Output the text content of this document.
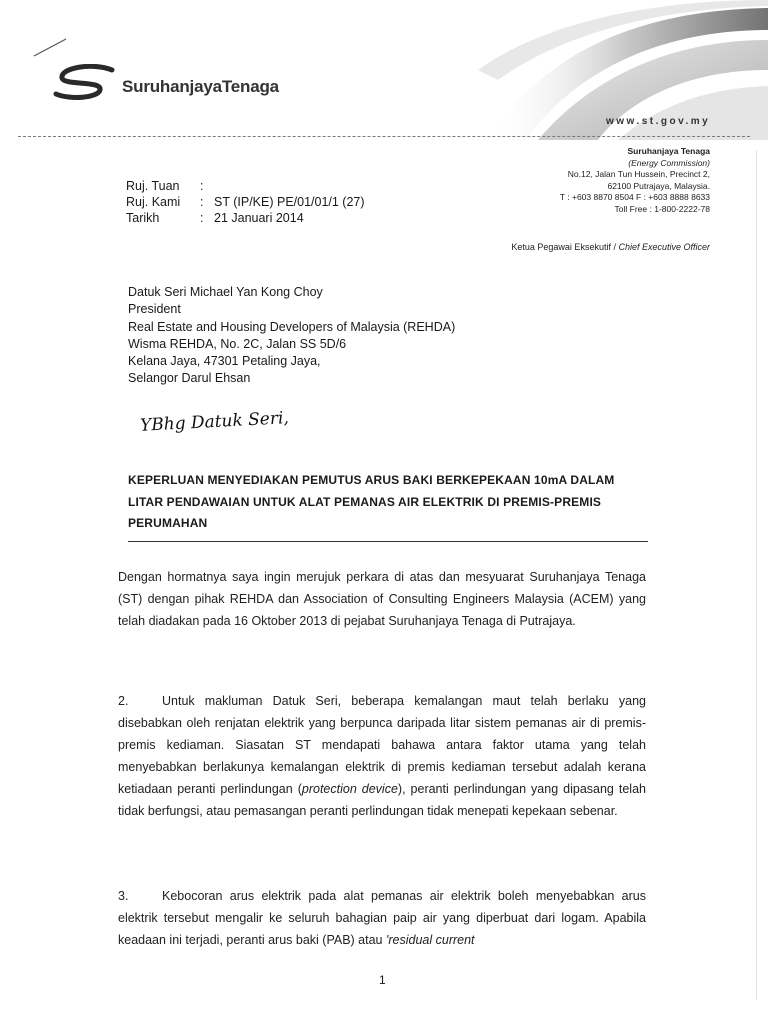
SuruhanjayaTenaga
www.st.gov.my
Suruhanjaya Tenaga
(Energy Commission)
No.12, Jalan Tun Hussein, Precinct 2,
62100 Putrajaya, Malaysia.
T : +603 8870 8504 F : +603 8888 8633
Toll Free : 1-800-2222-78
Ketua Pegawai Eksekutif / Chief Executive Officer
Ruj. Tuan	:
Ruj. Kami	: ST (IP/KE) PE/01/01/1 (27)
Tarikh	: 21 Januari 2014
Datuk Seri Michael Yan Kong Choy
President
Real Estate and Housing Developers of Malaysia (REHDA)
Wisma REHDA, No. 2C, Jalan SS 5D/6
Kelana Jaya, 47301 Petaling Jaya,
Selangor Darul Ehsan
YBhg Datuk Seri,
KEPERLUAN MENYEDIAKAN PEMUTUS ARUS BAKI BERKEPEKAAN 10mA DALAM LITAR PENDAWAIAN UNTUK ALAT PEMANAS AIR ELEKTRIK DI PREMIS-PREMIS PERUMAHAN
Dengan hormatnya saya ingin merujuk perkara di atas dan mesyuarat Suruhanjaya Tenaga (ST) dengan pihak REHDA dan Association of Consulting Engineers Malaysia (ACEM) yang telah diadakan pada 16 Oktober 2013 di pejabat Suruhanjaya Tenaga di Putrajaya.
2.	Untuk makluman Datuk Seri, beberapa kemalangan maut telah berlaku yang disebabkan oleh renjatan elektrik yang berpunca daripada litar sistem pemanas air di premis-premis kediaman. Siasatan ST mendapati bahawa antara faktor utama yang telah menyebabkan berlakunya kemalangan elektrik di premis kediaman tersebut adalah kerana ketiadaan peranti perlindungan (protection device), peranti perlindungan yang dipasang telah tidak berfungsi, atau pemasangan peranti perlindungan tidak menepati kepekaan sebenar.
3.	Kebocoran arus elektrik pada alat pemanas air elektrik boleh menyebabkan arus elektrik tersebut mengalir ke seluruh bahagian paip air yang diperbuat dari logam. Apabila keadaan ini terjadi, peranti arus baki (PAB) atau 'residual current
1
